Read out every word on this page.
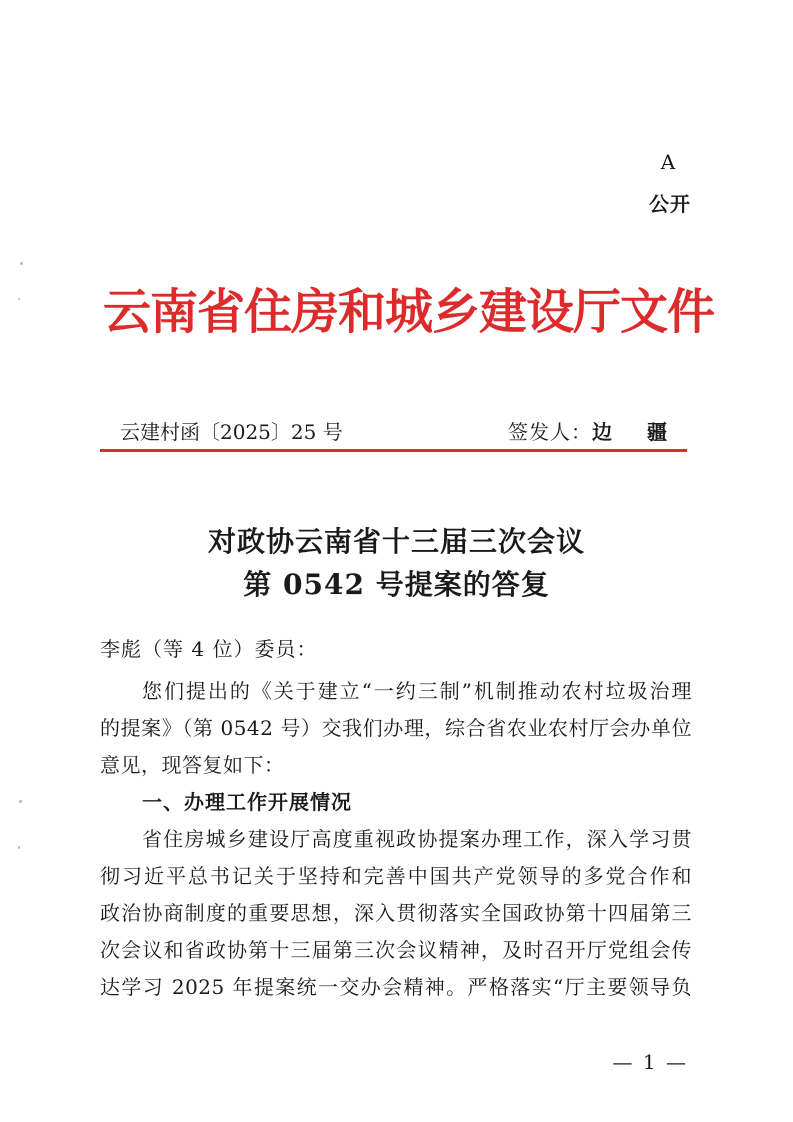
A
公开
云南省住房和城乡建设厅文件
云建村函〔2025〕25 号	签发人：边 疆
对政协云南省十三届三次会议
第 0542 号提案的答复
李彪（等 4 位）委员：
您们提出的《关于建立“一约三制”机制推动农村垃圾治理
的提案》（第 0542 号）交我们办理，综合省农业农村厅会办单位
意见，现答复如下：
一、办理工作开展情况
省住房城乡建设厅高度重视政协提案办理工作，深入学习贯
彻习近平总书记关于坚持和完善中国共产党领导的多党合作和
政治协商制度的重要思想，深入贯彻落实全国政协第十四届第三
次会议和省政协第十三届第三次会议精神，及时召开厅党组会传
达学习 2025 年提案统一交办会精神。严格落实“厅主要领导负
— 1 —
